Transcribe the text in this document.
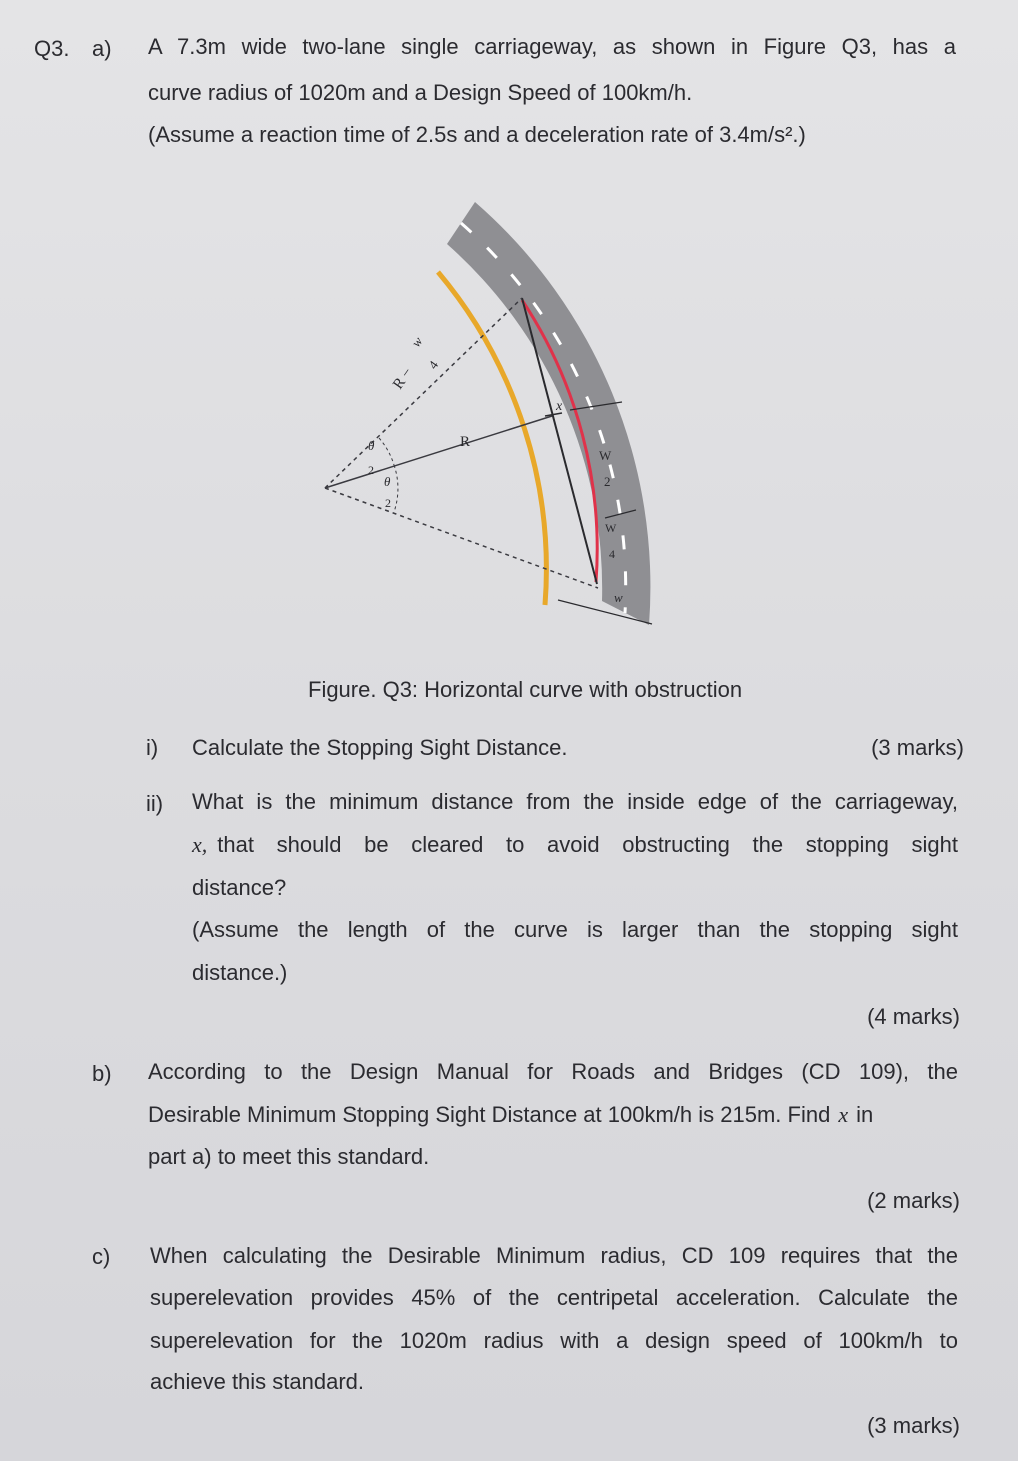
Q3. a) A 7.3m wide two-lane single carriageway, as shown in Figure Q3, has a
curve radius of 1020m and a Design Speed of 100km/h.
(Assume a reaction time of 2.5s and a deceleration rate of 3.4m/s².)
R −
w
4
R
θ
2
θ
2
x
W
2
W
4
w
Figure. Q3: Horizontal curve with obstruction
i) Calculate the Stopping Sight Distance.	(3 marks)
ii) What is the minimum distance from the inside edge of the carriageway,
x, that should be cleared to avoid obstructing the stopping sight
distance?
(Assume the length of the curve is larger than the stopping sight
distance.)
(4 marks)
b) According to the Design Manual for Roads and Bridges (CD 109), the
Desirable Minimum Stopping Sight Distance at 100km/h is 215m. Find x in
part a) to meet this standard.
(2 marks)
c) When calculating the Desirable Minimum radius, CD 109 requires that the
superelevation provides 45% of the centripetal acceleration. Calculate the
superelevation for the 1020m radius with a design speed of 100km/h to
achieve this standard.
(3 marks)
